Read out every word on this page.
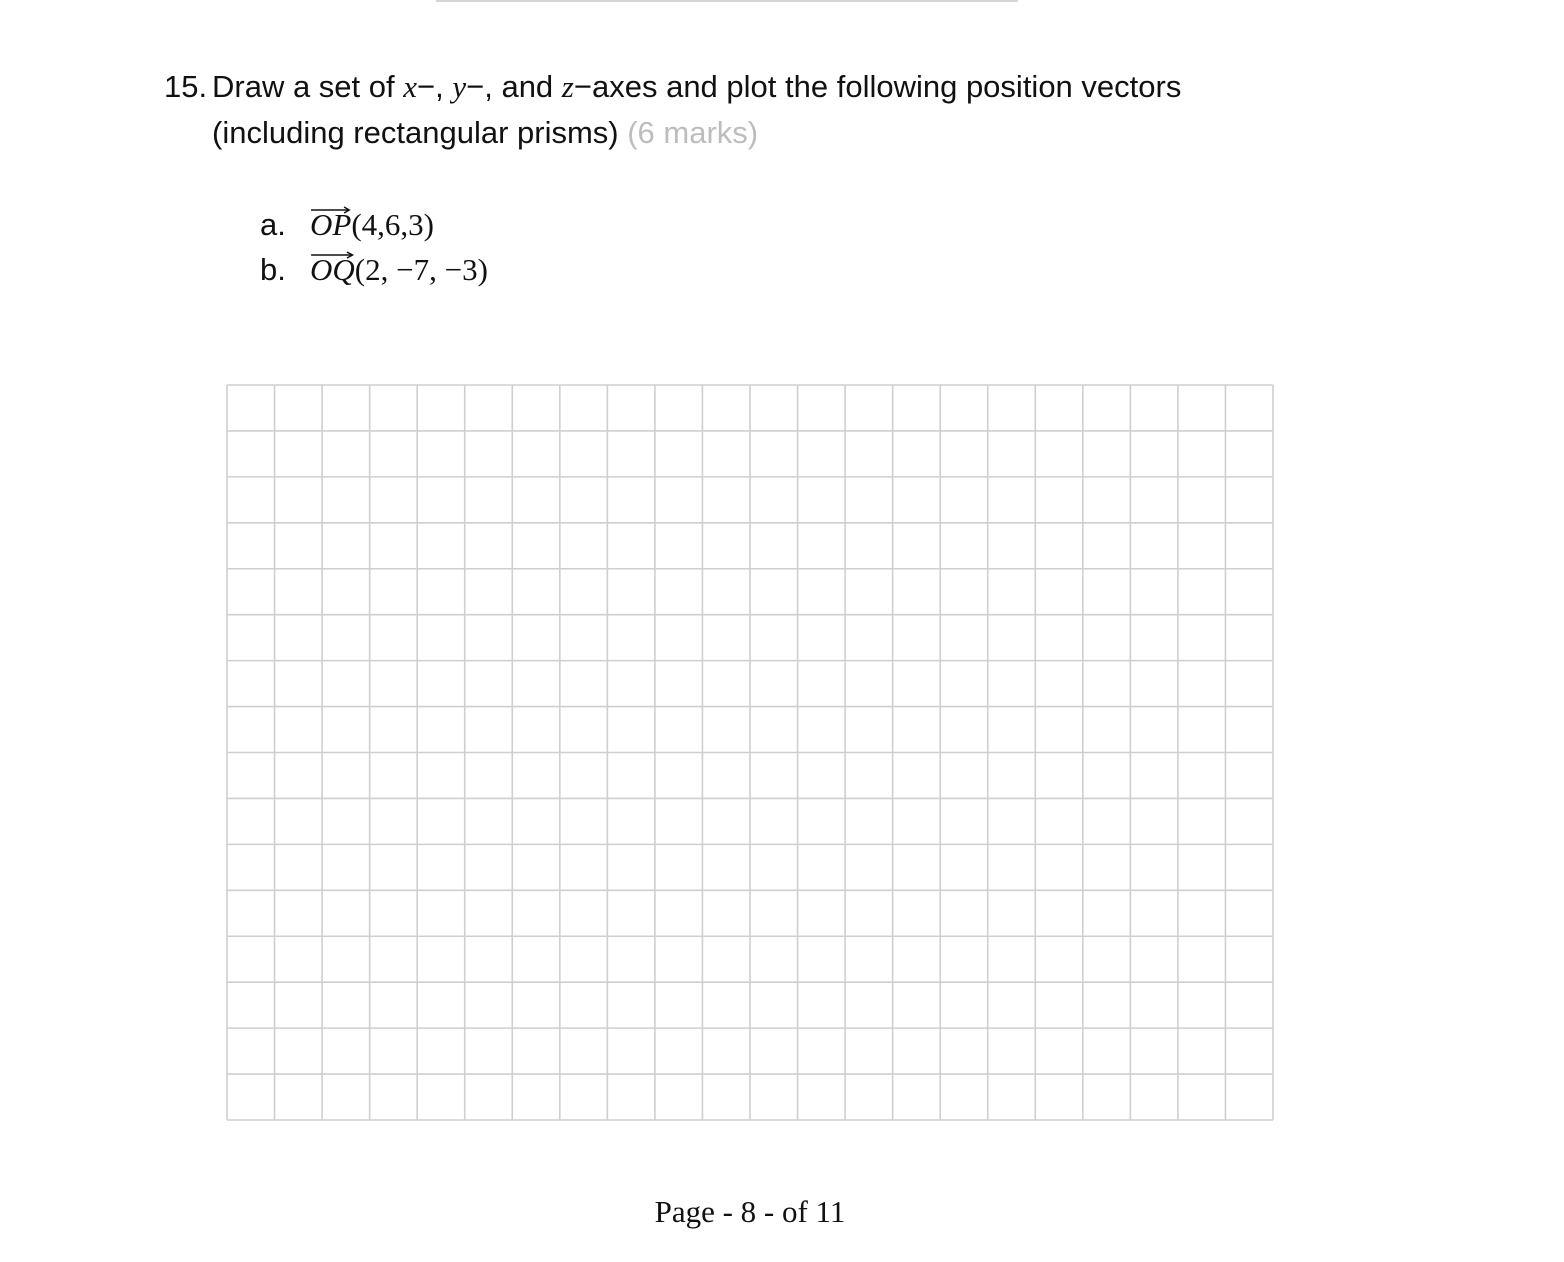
15. Draw a set of x−, y−, and z−axes and plot the following position vectors
(including rectangular prisms) (6 marks)
a. OP(4,6,3)
b. OQ(2, −7, −3)
Page - 8 - of 11
